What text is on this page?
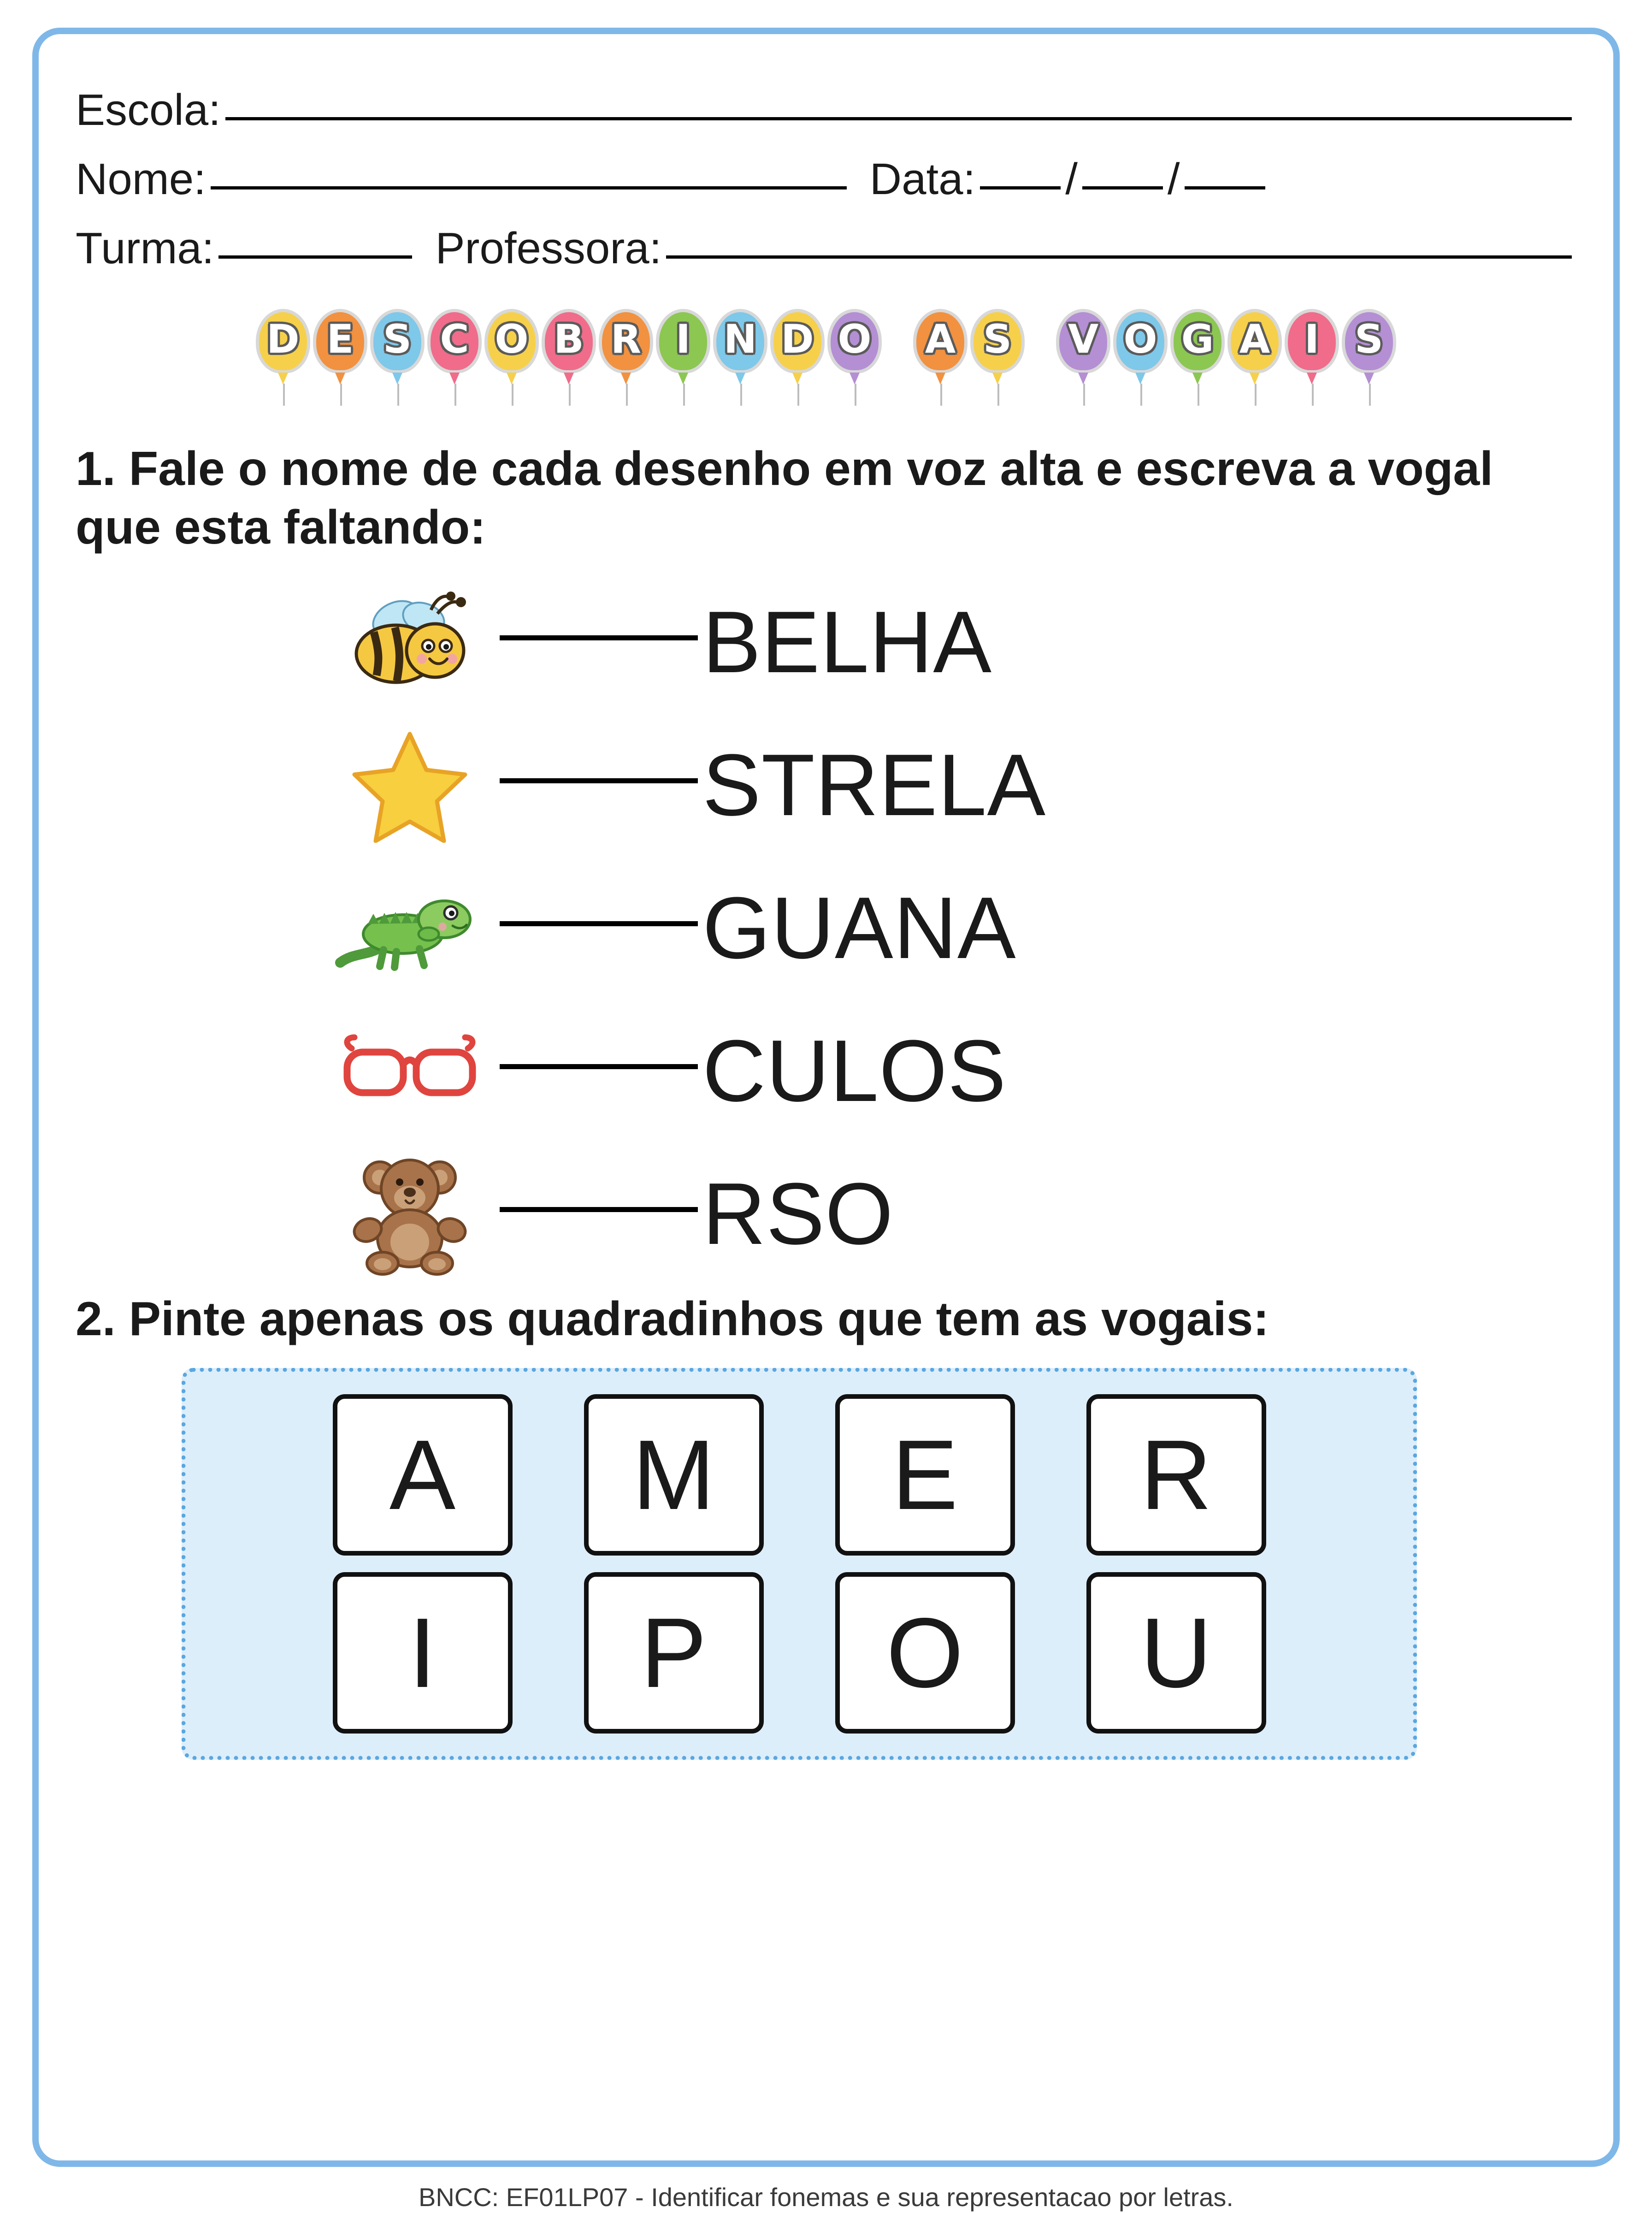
Escola:
Nome:	Data: / /
Turma:	Professora:
D E S C O B R I N D O A S V O G A I S
1. Fale o nome de cada desenho em voz alta e escreva a vogal que esta faltando:
BELHA
STRELA
GUANA
CULOS
RSO
2. Pinte apenas os quadradinhos que tem as vogais:
A	M	E	R
I	P	O	U
BNCC: EF01LP07 - Identificar fonemas e sua representacao por letras.
